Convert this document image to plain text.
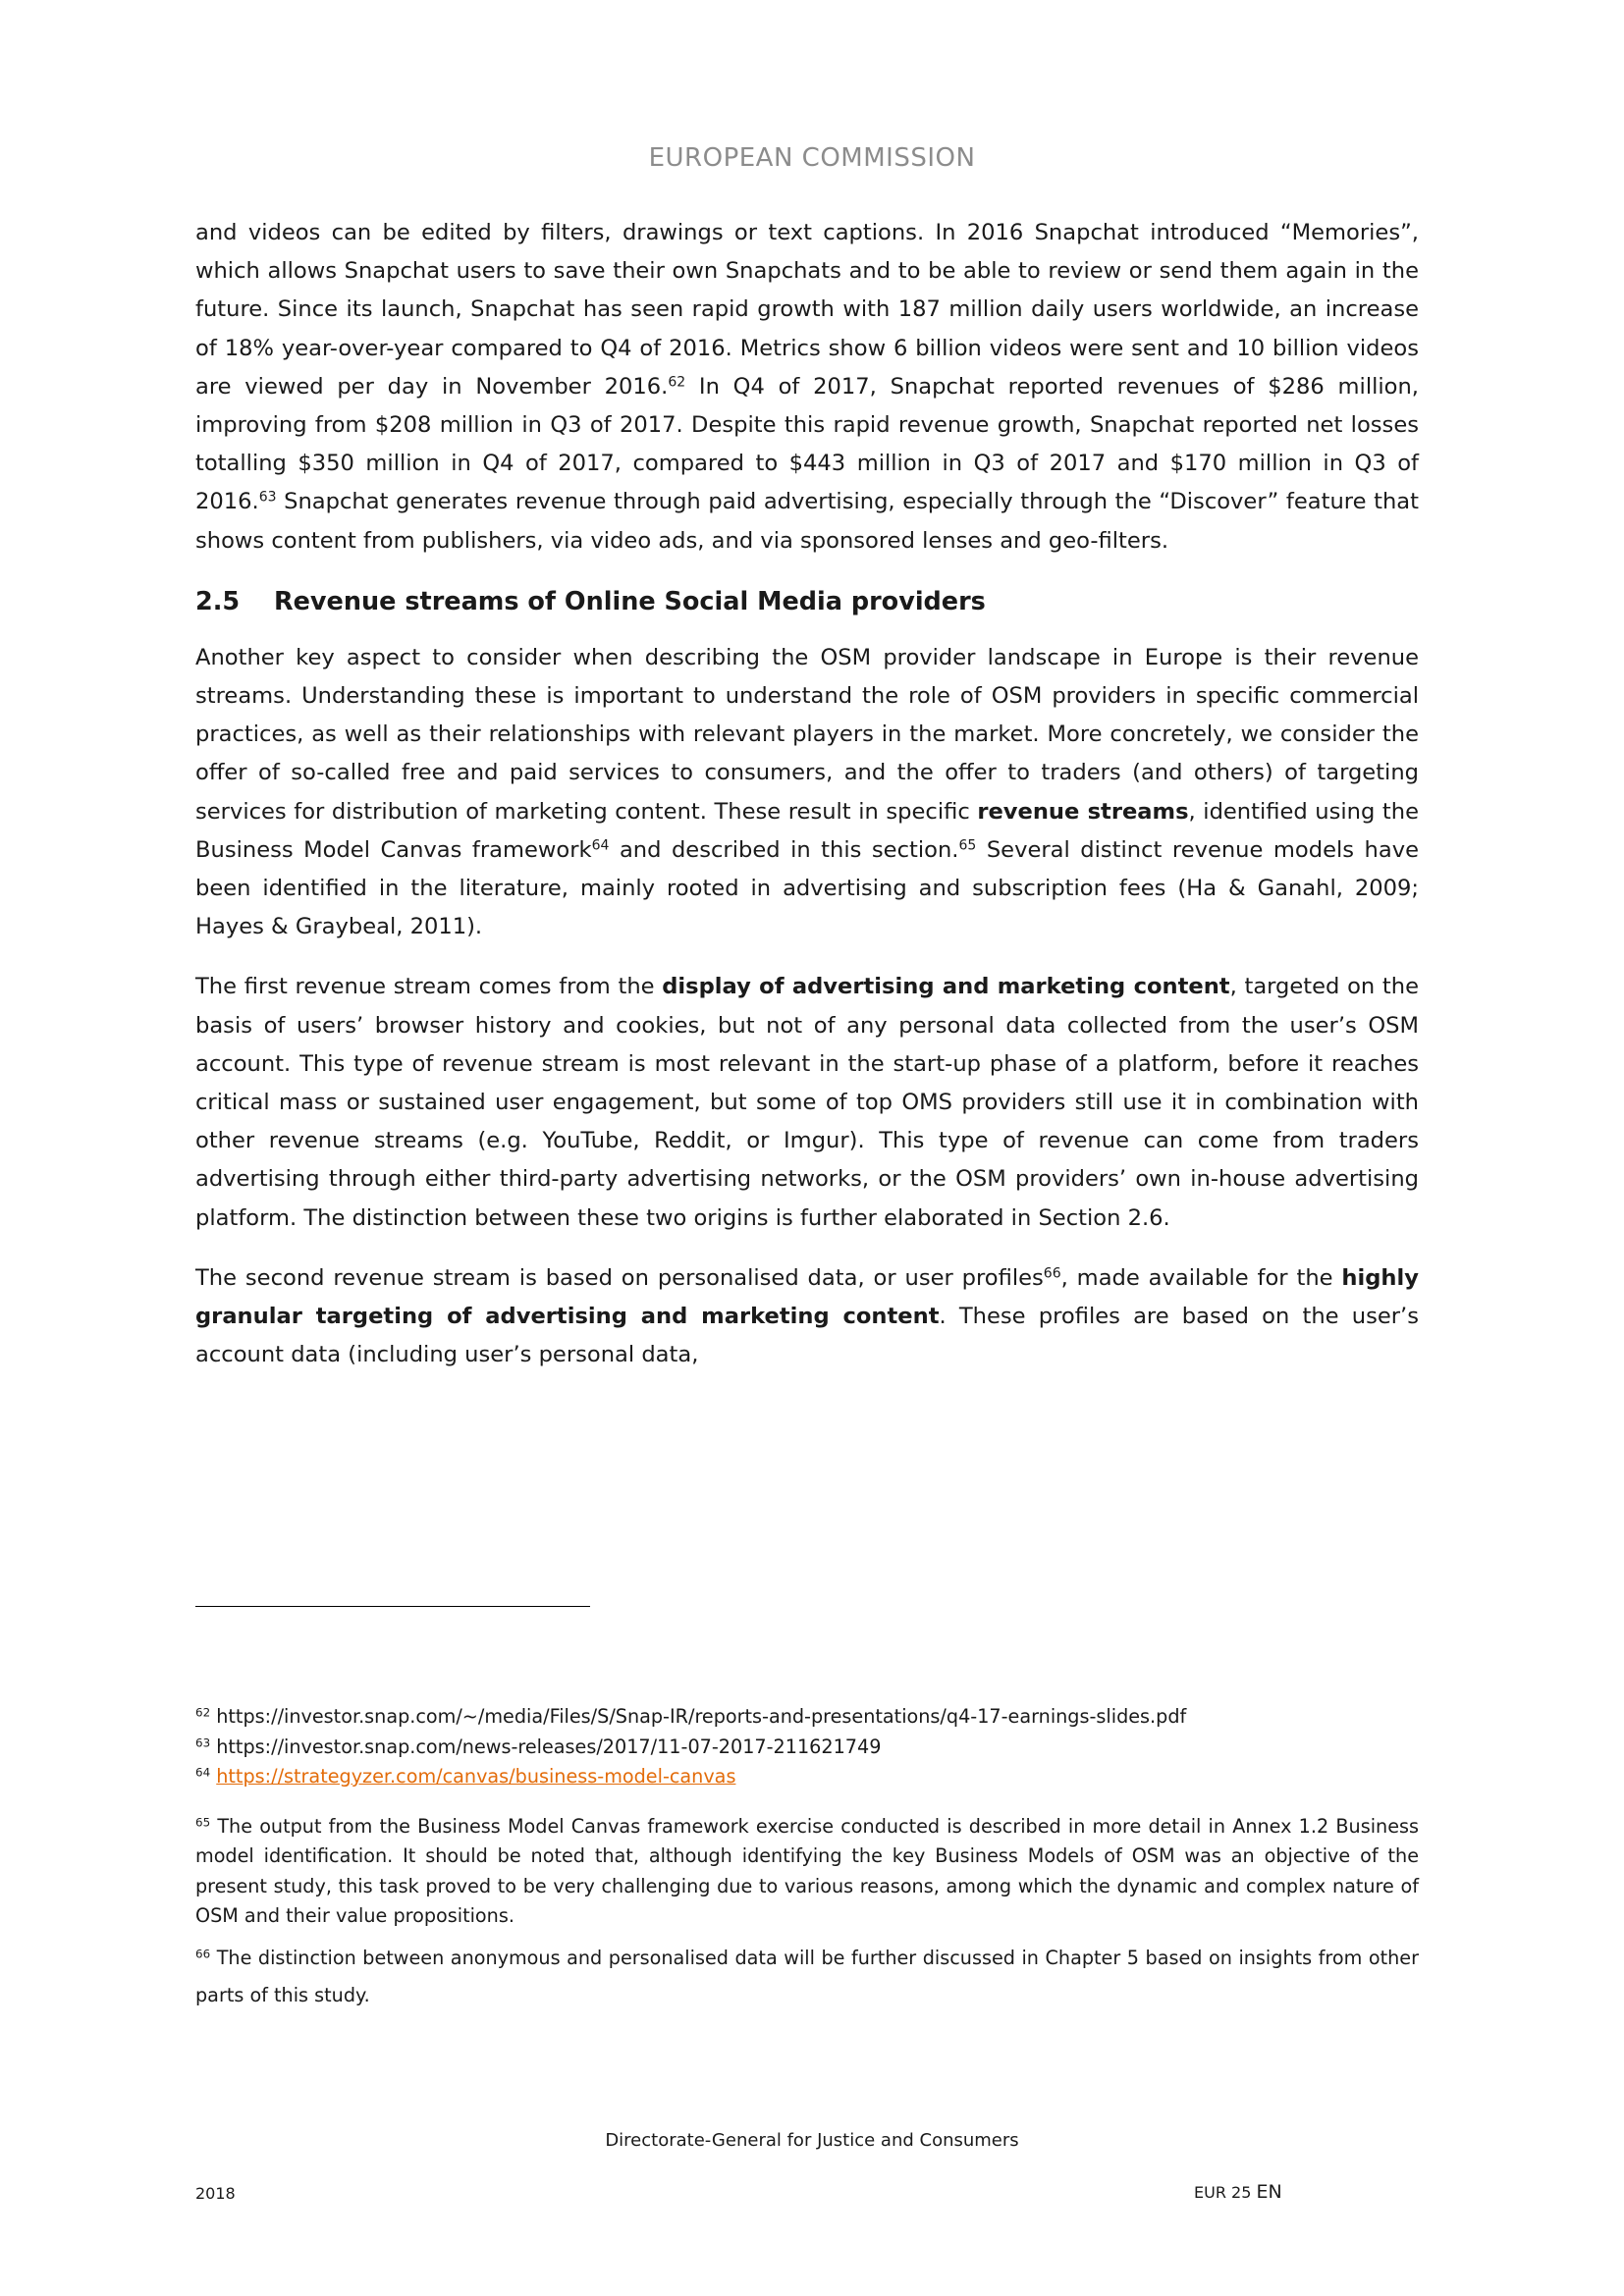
EUROPEAN COMMISSION

and videos can be edited by filters, drawings or text captions. In 2016 Snapchat introduced “Memories”, which allows Snapchat users to save their own Snapchats and to be able to review or send them again in the future. Since its launch, Snapchat has seen rapid growth with 187 million daily users worldwide, an increase of 18% year-over-year compared to Q4 of 2016. Metrics show 6 billion videos were sent and 10 billion videos are viewed per day in November 2016.62 In Q4 of 2017, Snapchat reported revenues of $286 million, improving from $208 million in Q3 of 2017. Despite this rapid revenue growth, Snapchat reported net losses totalling $350 million in Q4 of 2017, compared to $443 million in Q3 of 2017 and $170 million in Q3 of 2016.63 Snapchat generates revenue through paid advertising, especially through the “Discover” feature that shows content from publishers, via video ads, and via sponsored lenses and geo-filters.

2.5 Revenue streams of Online Social Media providers

Another key aspect to consider when describing the OSM provider landscape in Europe is their revenue streams. Understanding these is important to understand the role of OSM providers in specific commercial practices, as well as their relationships with relevant players in the market. More concretely, we consider the offer of so-called free and paid services to consumers, and the offer to traders (and others) of targeting services for distribution of marketing content. These result in specific revenue streams, identified using the Business Model Canvas framework$^{64}$ and described in this section.$^{65}$ Several distinct revenue models have been identified in the literature, mainly rooted in advertising and subscription fees (Ha & Ganahl, 2009; Hayes & Graybeal, 2011).

The first revenue stream comes from the display of advertising and marketing content, targeted on the basis of users’ browser history and cookies, but not of any personal data collected from the user’s OSM account. This type of revenue stream is most relevant in the start-up phase of a platform, before it reaches critical mass or sustained user engagement, but some of top OMS providers still use it in combination with other revenue streams (e.g. YouTube, Reddit, or Imgur). This type of revenue can come from traders advertising through either third-party advertising networks, or the OSM providers’ own in-house advertising platform. The distinction between these two origins is further elaborated in Section 2.6.

The second revenue stream is based on personalised data, or user profiles$^{66}$, made available for the highly granular targeting of advertising and marketing content. These profiles are based on the user’s account data (including user’s personal data,

$^{62}$ https://investor.snap.com/~/media/Files/S/Snap-IR/reports-and-presentations/q4-17-earnings-slides.pdf
$^{63}$ https://investor.snap.com/news-releases/2017/11-07-2017-211621749
$^{64}$ https://strategyzer.com/canvas/business-model-canvas
$^{65}$ The output from the Business Model Canvas framework exercise conducted is described in more detail in Annex 1.2 Business model identification. It should be noted that, although identifying the key Business Models of OSM was an objective of the present study, this task proved to be very challenging due to various reasons, among which the dynamic and complex nature of OSM and their value propositions.
$^{66}$ The distinction between anonymous and personalised data will be further discussed in Chapter 5 based on insights from other parts of this study.
Directorate-General for Justice and Consumers
2018	EUR 25 EN
